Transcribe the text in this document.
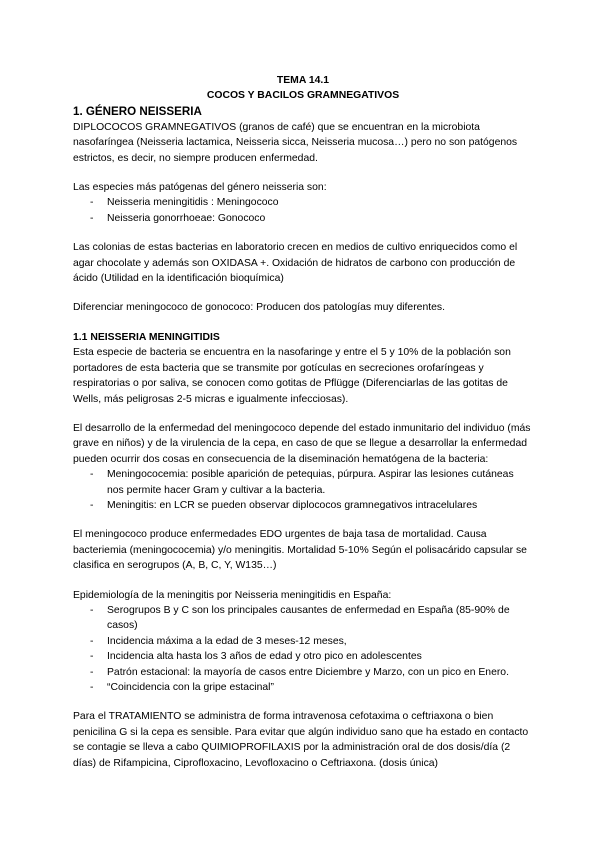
TEMA 14.1
COCOS Y BACILOS GRAMNEGATIVOS
1. GÉNERO NEISSERIA

DIPLOCOCOS GRAMNEGATIVOS (granos de café) que se encuentran en la microbiota nasofaríngea (Neisseria lactamica, Neisseria sicca, Neisseria mucosa…) pero no son patógenos estrictos, es decir, no siempre producen enfermedad.

Las especies más patógenas del género neisseria son:

- Neisseria meningitidis : Meningococo
- Neisseria gonorrhoeae: Gonococo

Las colonias de estas bacterias en laboratorio crecen en medios de cultivo enriquecidos como el agar chocolate y además son OXIDASA +. Oxidación de hidratos de carbono con producción de ácido (Utilidad en la identificación bioquímica)

Diferenciar meningococo de gonococo: Producen dos patologías muy diferentes.

1.1 NEISSERIA MENINGITIDIS

Esta especie de bacteria se encuentra en la nasofaringe y entre el 5 y 10% de la población son portadores de esta bacteria que se transmite por gotículas en secreciones orofaríngeas y respiratorias o por saliva, se conocen como gotitas de Pflügge (Diferenciarlas de las gotitas de Wells, más peligrosas 2-5 micras e igualmente infecciosas).

El desarrollo de la enfermedad del meningococo depende del estado inmunitario del individuo (más grave en niños) y de la virulencia de la cepa, en caso de que se llegue a desarrollar la enfermedad pueden ocurrir dos cosas en consecuencia de la diseminación hematógena de la bacteria:

- Meningococemia: posible aparición de petequias, púrpura. Aspirar las lesiones cutáneas nos permite hacer Gram y cultivar a la bacteria.
- Meningitis: en LCR se pueden observar diplococos gramnegativos intracelulares

El meningococo produce enfermedades EDO urgentes de baja tasa de mortalidad. Causa bacteriemia (meningococemia) y/o meningitis. Mortalidad 5-10% Según el polisacárido capsular se clasifica en serogrupos (A, B, C, Y, W135…)

Epidemiología de la meningitis por Neisseria meningitidis en España:

- Serogrupos B y C son los principales causantes de enfermedad en España (85-90% de casos)
- Incidencia máxima a la edad de 3 meses-12 meses,
- Incidencia alta hasta los 3 años de edad y otro pico en adolescentes
- Patrón estacional: la mayoría de casos entre Diciembre y Marzo, con un pico en Enero.
- “Coincidencia con la gripe estacinal”

Para el TRATAMIENTO se administra de forma intravenosa cefotaxima o ceftriaxona o bien penicilina G si la cepa es sensible. Para evitar que algún individuo sano que ha estado en contacto se contagie se lleva a cabo QUIMIOPROFILAXIS por la administración oral de dos dosis/día (2 días) de Rifampicina, Ciprofloxacino, Levofloxacino o Ceftriaxona. (dosis única)
